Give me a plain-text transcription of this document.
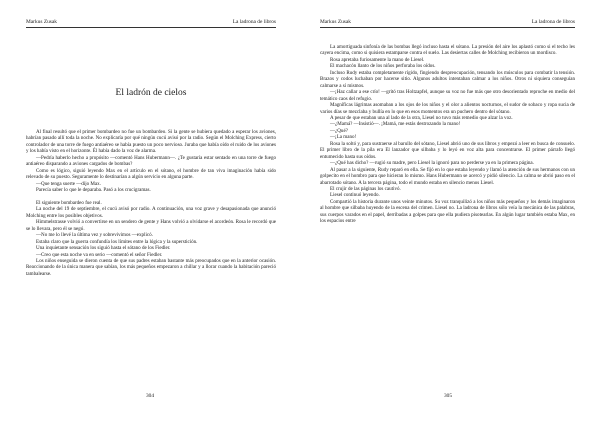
Markus Zusak	La ladrona de libros
El ladrón de cielos

Al final resultó que el primer bombardeo no fue un bombardeo. Si la gente se hubiera quedado a esperar los aviones, habrían pasado allí toda la noche. No explicaría por qué ningún cucú avisó por la radio. Según el Molching Express, cierto controlador de una torre de fuego antiaéreo se había puesto un poco nervioso. Juraba que había oído el ruido de los aviones y los había visto en el horizonte. Él había dado la voz de alarma.

—Pedría haberlo hecho a propósito —comentó Hans Hubermann—. ¿Te gustaría estar sentado en una torre de fuego antiaéreo disparando a aviones cargados de bombas?

Como es lógico, siguió leyendo Max en el artículo en el sótano, el hombre de tan viva imaginación había sido relevado de su puesto. Seguramente lo destinarían a algún servicio en alguna parte.

—Que tenga suerte —dijo Max.

Parecía saber lo que le deparaba. Pasó a los crucigramas.

El siguiente bombardeo fue real.

La noche del 19 de septiembre, el cucú avisó por radio. A continuación, una voz grave y desapasionada que anunció Molching entre los posibles objetivos.

Himmelstrasse volvió a convertirse en un sendero de gente y Hans volvió a olvidarse el acordeón. Rosa le recordó que se lo llevara, pero él se negó.

—No me lo llevé la última vez y sobrevivimos —explicó.

Estaba claro que la guerra confundía los límites entre la lógica y la superstición.

Una inquietante sensación los siguió hasta el sótano de los Fiedler.

—Creo que esta noche va en serio —comentó el señor Fiedler.

Los niños enseguida se dieron cuenta de que sus padres estaban bastante más preocupados que en la anterior ocasión. Reaccionando de la única manera que sabían, los más pequeños empezaron a chillar y a llorar cuando la habitación pareció tambalearse.

304
Markus Zusak	La ladrona de libros

La amortiguada sinfonía de las bombas llegó incluso hasta el sótano. La presión del aire los aplastó como si el techo les cayera encima, como si quisiera estamparse contra el suelo. Las desiertas calles de Molching recibieron un mordisco.

Rosa apretaba furiosamente la mano de Liesel.

El machacón llanto de los niños perforaba los oídos.

Incluso Rudy estaba completamente rígido, fingiendo despreocupación, tensando los músculos para combatir la tensión. Brazos y codos luchaban por hacerse sitio. Algunos adultos intentaban calmar a los niños. Otros ni siquiera conseguían calmarse a sí mismos.

—¡Haz callar a ese crío! —gritó tras Holtzapfel, aunque su voz no fue más que otro desorientado reproche en medio del temático caos del refugio.

Magníficas lágrimas asomaban a los ojos de los niños y el olor a alientos nocturnos, el sudor de sobaco y ropa sucia de varios días se mezclaba y bullía en lo que en esos momentos era un puchero dentro del sótano.

A pesar de que estaban una al lado de la otra, Liesel no tuvo más remedio que alzar la voz.

—¿Mamá? —Insistió—. ¡Mamá, me estás destrozando la mano!

—¿Qué?

—¡La mano!

Rosa la soltó y, para sustraerse al barullo del sótano, Liesel abrió uno de sus libros y empezó a leer en busca de consuelo. El primer libro de la pila era El lanzador que silbaba y lo leyó en voz alta para concentrarse. El primer párrafo llegó entumecido hasta sus oídos.

—¿Qué has dicho? —rugió su madre, pero Liesel la ignoró para no perderse ya en la primera página.

Al pasar a la siguiente, Rudy reparó en ella. Se fijó en lo que estaba leyendo y llamó la atención de sus hermanos con un golpecito en el hombro para que hicieran lo mismo. Hans Hubermann se acercó y pidió silencio. La calma se abrió paso en el abarrotado sótano. A la tercera página, todo el mundo estaba en silencio menos Liesel.

El crujir de las páginas los cautivó.

Liesel continuó leyendo.

Compartió la historia durante unos veinte minutos. Su voz tranquilizó a los niños más pequeños y los demás imaginaron al hombre que silbaba huyendo de la escena del crimen. Liesel no. La ladrona de libros sólo veía la mecánica de las palabras, sus cuerpos varados en el papel, derribadas a golpes para que ella pudiera pisotearlas. En algún lugar también estaba Max, en los espacios entre

305
